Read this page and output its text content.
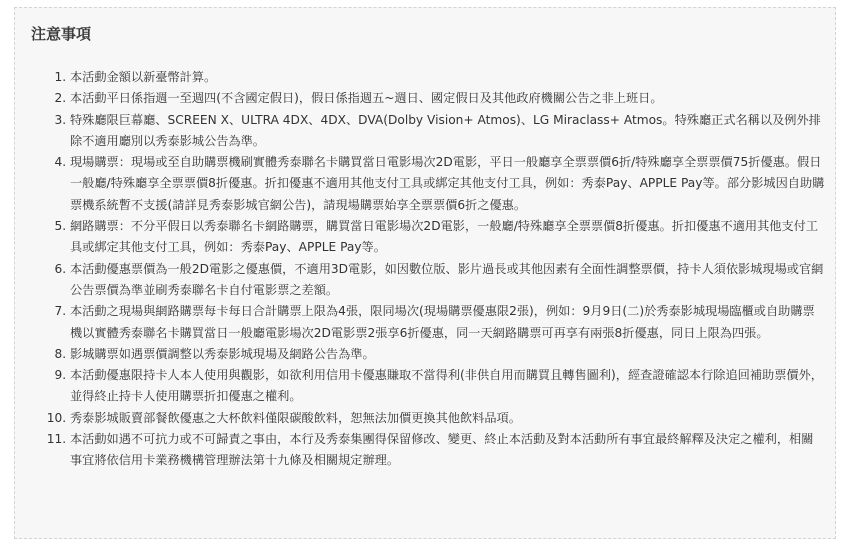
注意事項
1. 本活動金額以新臺幣計算。
2. 本活動平日係指週一至週四(不含國定假日)，假日係指週五~週日、國定假日及其他政府機關公告之非上班日。
3. 特殊廳限巨幕廳、SCREEN X、ULTRA 4DX、4DX、DVA(Dolby Vision+ Atmos)、LG Miraclass+ Atmos。特殊廳正式名稱以及例外排除不適用廳別以秀泰影城公告為準。
4. 現場購票：現場或至自助購票機刷實體秀泰聯名卡購買當日電影場次2D電影，平日一般廳享全票票價6折/特殊廳享全票票價75折優惠。假日一般廳/特殊廳享全票票價8折優惠。折扣優惠不適用其他支付工具或綁定其他支付工具，例如：秀泰Pay、APPLE Pay等。部分影城因自助購票機系統暫不支援(請詳見秀泰影城官網公告)，請現場購票始享全票票價6折之優惠。
5. 網路購票：不分平假日以秀泰聯名卡網路購票，購買當日電影場次2D電影，一般廳/特殊廳享全票票價8折優惠。折扣優惠不適用其他支付工具或綁定其他支付工具，例如：秀泰Pay、APPLE Pay等。
6. 本活動優惠票價為一般2D電影之優惠價，不適用3D電影，如因數位版、影片過長或其他因素有全面性調整票價，持卡人須依影城現場或官網公告票價為準並刷秀泰聯名卡自付電影票之差額。
7. 本活動之現場與網路購票每卡每日合計購票上限為4張，限同場次(現場購票優惠限2張)，例如：9月9日(二)於秀泰影城現場臨櫃或自助購票機以實體秀泰聯名卡購買當日一般廳電影場次2D電影票2張享6折優惠，同一天網路購票可再享有兩張8折優惠，同日上限為四張。
8. 影城購票如遇票價調整以秀泰影城現場及網路公告為準。
9. 本活動優惠限持卡人本人使用與觀影，如欲利用信用卡優惠賺取不當得利(非供自用而購買且轉售圖利)，經查證確認本行除追回補助票價外，並得終止持卡人使用購票折扣優惠之權利。
10. 秀泰影城販賣部餐飲優惠之大杯飲料僅限碳酸飲料，恕無法加價更換其他飲料品項。
11. 本活動如遇不可抗力或不可歸責之事由，本行及秀泰集團得保留修改、變更、終止本活動及對本活動所有事宜最終解釋及決定之權利，相關事宜將依信用卡業務機構管理辦法第十九條及相關規定辦理。
